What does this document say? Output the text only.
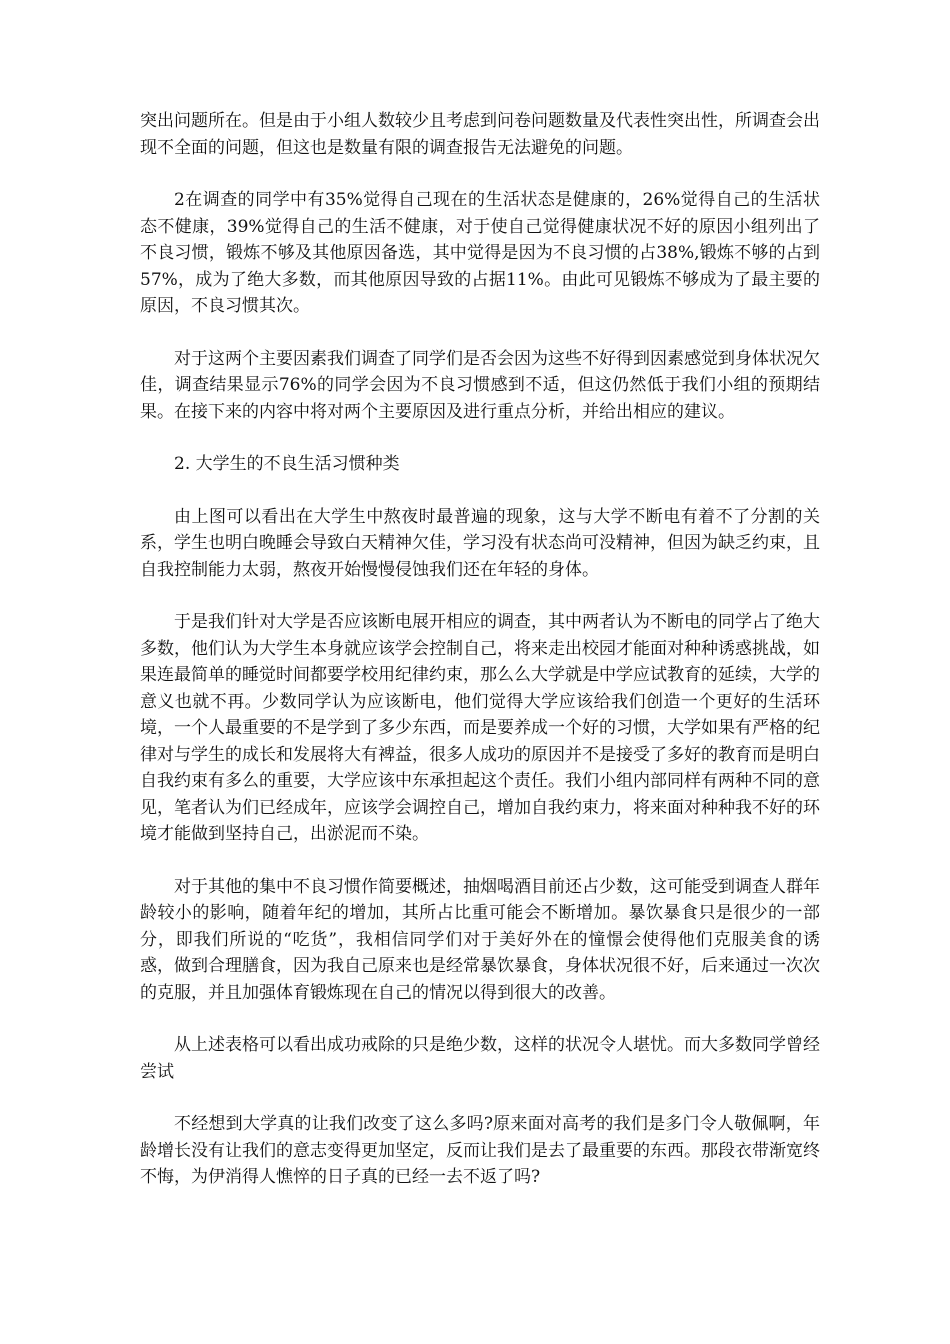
突出问题所在。但是由于小组人数较少且考虑到问卷问题数量及代表性突出性，所调查会出现不全面的问题，但这也是数量有限的调查报告无法避免的问题。

2在调查的同学中有35%觉得自己现在的生活状态是健康的，26%觉得自己的生活状态不健康，39%觉得自己的生活不健康，对于使自己觉得健康状况不好的原因小组列出了不良习惯，锻炼不够及其他原因备选，其中觉得是因为不良习惯的占38%,锻炼不够的占到57%，成为了绝大多数，而其他原因导致的占据11%。由此可见锻炼不够成为了最主要的原因，不良习惯其次。

对于这两个主要因素我们调查了同学们是否会因为这些不好得到因素感觉到身体状况欠佳，调查结果显示76%的同学会因为不良习惯感到不适，但这仍然低于我们小组的预期结果。在接下来的内容中将对两个主要原因及进行重点分析，并给出相应的建议。

2. 大学生的不良生活习惯种类

由上图可以看出在大学生中熬夜时最普遍的现象，这与大学不断电有着不了分割的关系，学生也明白晚睡会导致白天精神欠佳，学习没有状态尚可没精神，但因为缺乏约束，且自我控制能力太弱，熬夜开始慢慢侵蚀我们还在年轻的身体。

于是我们针对大学是否应该断电展开相应的调查，其中两者认为不断电的同学占了绝大多数，他们认为大学生本身就应该学会控制自己，将来走出校园才能面对种种诱惑挑战，如果连最简单的睡觉时间都要学校用纪律约束，那么么大学就是中学应试教育的延续，大学的意义也就不再。少数同学认为应该断电，他们觉得大学应该给我们创造一个更好的生活环境，一个人最重要的不是学到了多少东西，而是要养成一个好的习惯，大学如果有严格的纪律对与学生的成长和发展将大有裨益，很多人成功的原因并不是接受了多好的教育而是明白自我约束有多么的重要，大学应该中东承担起这个责任。我们小组内部同样有两种不同的意见，笔者认为们已经成年，应该学会调控自己，增加自我约束力，将来面对种种我不好的环境才能做到坚持自己，出淤泥而不染。

对于其他的集中不良习惯作简要概述，抽烟喝酒目前还占少数，这可能受到调查人群年龄较小的影响，随着年纪的增加，其所占比重可能会不断增加。暴饮暴食只是很少的一部分，即我们所说的“吃货”，我相信同学们对于美好外在的憧憬会使得他们克服美食的诱惑，做到合理膳食，因为我自己原来也是经常暴饮暴食，身体状况很不好，后来通过一次次的克服，并且加强体育锻炼现在自己的情况以得到很大的改善。

从上述表格可以看出成功戒除的只是绝少数，这样的状况令人堪忧。而大多数同学曾经尝试

不经想到大学真的让我们改变了这么多吗?原来面对高考的我们是多门令人敬佩啊，年龄增长没有让我们的意志变得更加坚定，反而让我们是去了最重要的东西。那段衣带渐宽终不悔，为伊消得人憔悴的日子真的已经一去不返了吗?
